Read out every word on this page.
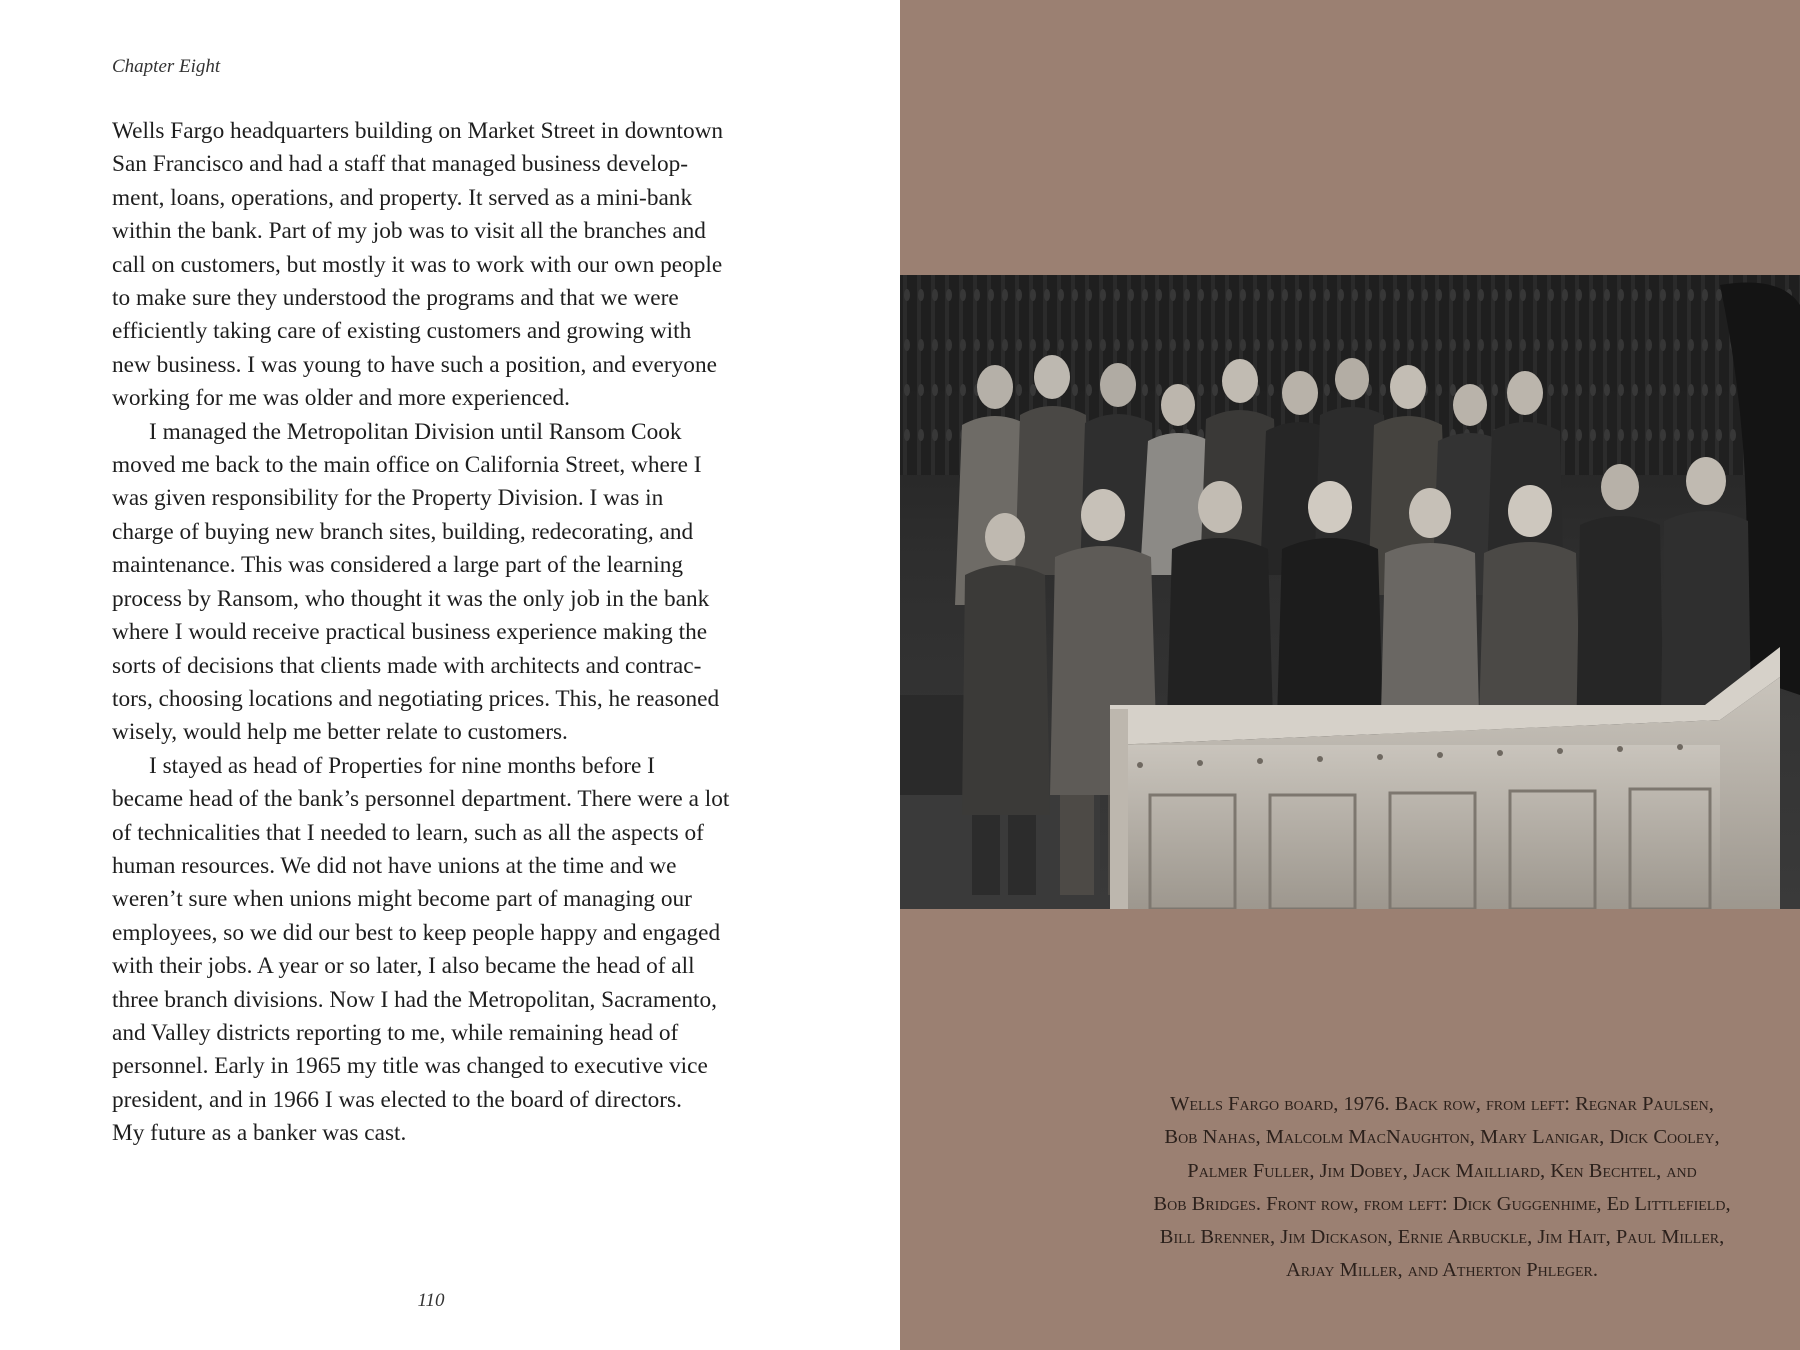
Chapter Eight

Wells Fargo headquarters building on Market Street in downtown
San Francisco and had a staff that managed business develop-
ment, loans, operations, and property. It served as a mini-bank
within the bank. Part of my job was to visit all the branches and
call on customers, but mostly it was to work with our own people
to make sure they understood the programs and that we were
efficiently taking care of existing customers and growing with
new business. I was young to have such a position, and everyone
working for me was older and more experienced.

I managed the Metropolitan Division until Ransom Cook
moved me back to the main office on California Street, where I
was given responsibility for the Property Division. I was in
charge of buying new branch sites, building, redecorating, and
maintenance. This was considered a large part of the learning
process by Ransom, who thought it was the only job in the bank
where I would receive practical business experience making the
sorts of decisions that clients made with architects and contrac-
tors, choosing locations and negotiating prices. This, he reasoned
wisely, would help me better relate to customers.

I stayed as head of Properties for nine months before I
became head of the bank’s personnel department. There were a lot
of technicalities that I needed to learn, such as all the aspects of
human resources. We did not have unions at the time and we
weren’t sure when unions might become part of managing our
employees, so we did our best to keep people happy and engaged
with their jobs. A year or so later, I also became the head of all
three branch divisions. Now I had the Metropolitan, Sacramento,
and Valley districts reporting to me, while remaining head of
personnel. Early in 1965 my title was changed to executive vice
president, and in 1966 I was elected to the board of directors.
My future as a banker was cast.

110
Wells Fargo board, 1976. Back row, from left: Regnar Paulsen,
Bob Nahas, Malcolm MacNaughton, Mary Lanigar, Dick Cooley,
Palmer Fuller, Jim Dobey, Jack Mailliard, Ken Bechtel, and
Bob Bridges. Front row, from left: Dick Guggenhime, Ed Littlefield,
Bill Brenner, Jim Dickason, Ernie Arbuckle, Jim Hait, Paul Miller,
Arjay Miller, and Atherton Phleger.
